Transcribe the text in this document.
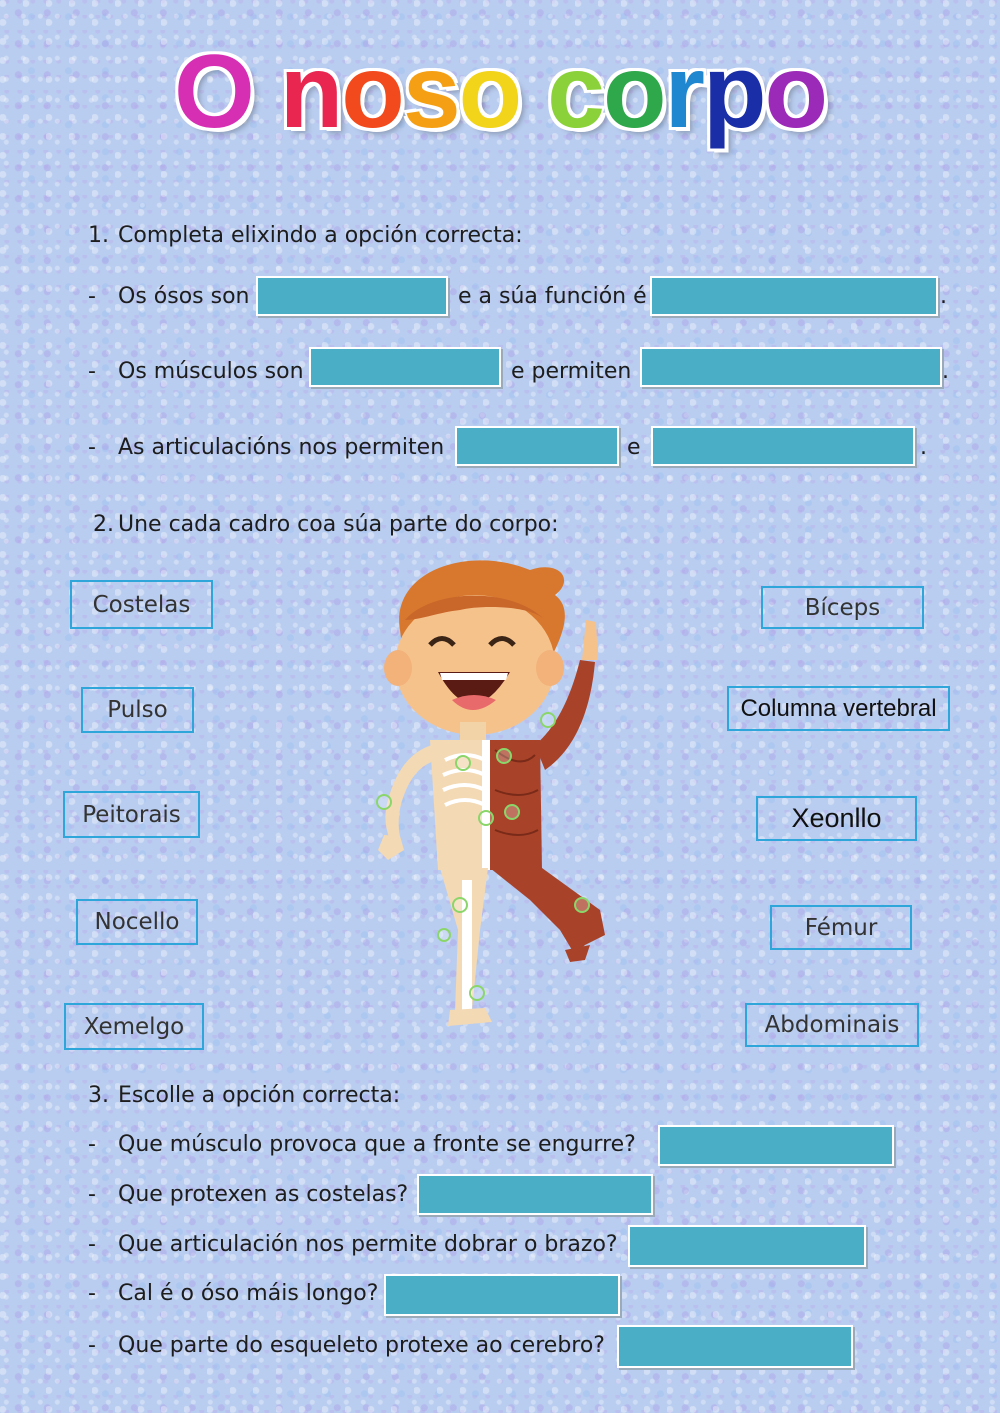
O noso corpo
1. Completa elixindo a opción correcta:
- Os ósos son	e a súa función é	.
- Os músculos son	e permiten	.
- As articulacións nos permiten	e	.
2. Une cada cadro coa súa parte do corpo:
Costelas
Pulso
Peitorais
Nocello
Xemelgo
Bíceps
Columna vertebral
Xeonllo
Fémur
Abdominais
3. Escolle a opción correcta:
- Que músculo provoca que a fronte se engurre?
- Que protexen as costelas?
- Que articulación nos permite dobrar o brazo?
- Cal é o óso máis longo?
- Que parte do esqueleto protexe ao cerebro?
